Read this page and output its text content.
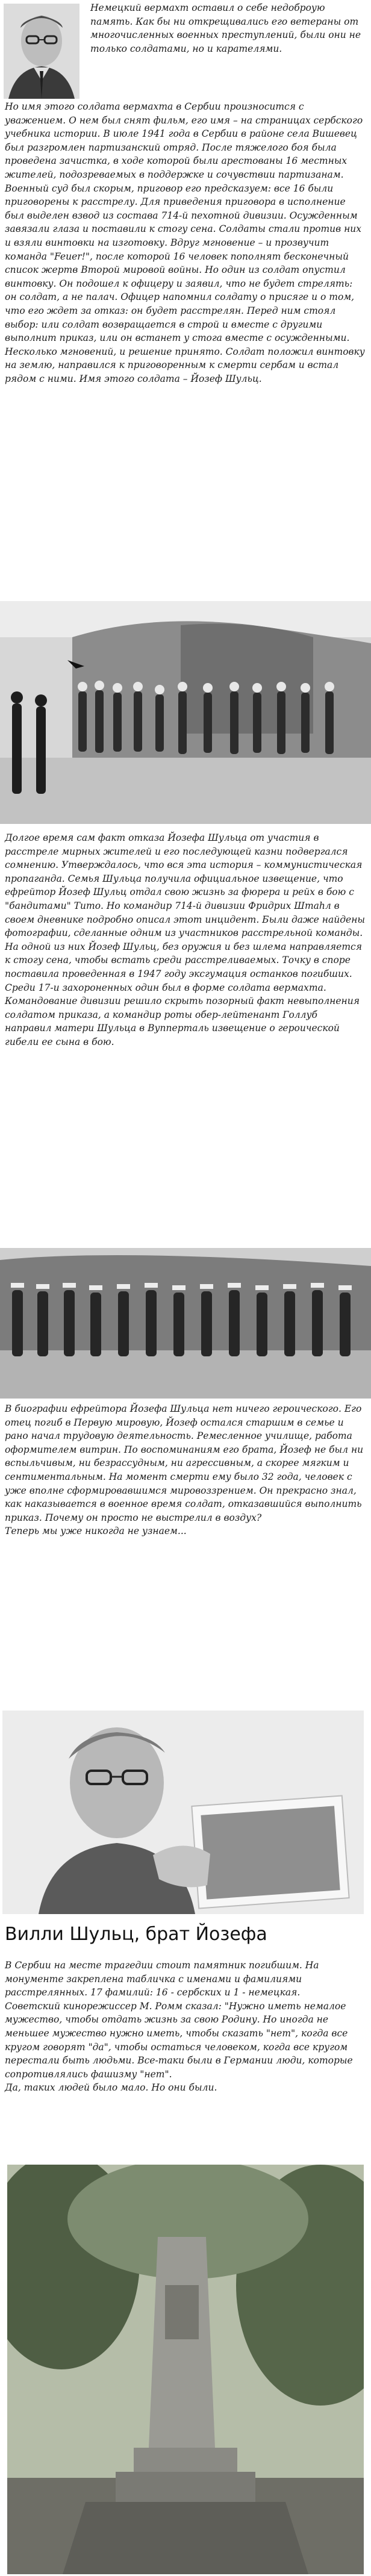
Немецкий вермахт оставил о себе недоброую память. Как бы ни открещивались его ветераны от многочисленных военных преступлений, были они не только солдатами, но и карателями.

Но имя этого солдата вермахта в Сербии произносится с уважением. О нем был снят фильм, его имя – на страницах сербского учебника истории. В июле 1941 года в Сербии в районе села Вишевец был разгромлен партизанский отряд. После тяжелого боя была проведена зачистка, в ходе которой были арестованы 16 местных жителей, подозреваемых в поддержке и сочувствии партизанам. Военный суд был скорым, приговор его предсказуем: все 16 были приговорены к расстрелу. Для приведения приговора в исполнение был выделен взвод из состава 714-й пехотной дивизии. Осужденным завязали глаза и поставили к стогу сена. Солдаты стали против них и взяли винтовки на изготовку. Вдруг мгновение – и прозвучит команда "Feuer!", после которой 16 человек пополнят бесконечный список жертв Второй мировой войны. Но один из солдат опустил винтовку. Он подошел к офицеру и заявил, что не будет стрелять: он солдат, а не палач. Офицер напомнил солдату о присяге и о том, что его ждет за отказ: он будет расстрелян. Перед ним стоял выбор: или солдат возвращается в строй и вместе с другими выполнит приказ, или он встанет у стога вместе с осужденными. Несколько мгновений, и решение принято. Солдат положил винтовку на землю, направился к приговоренным к смерти сербам и встал рядом с ними. Имя этого солдата – Йозеф Шульц.

Долгое время сам факт отказа Йозефа Шульца от участия в расстреле мирных жителей и его последующей казни подвергался сомнению. Утверждалось, что вся эта история – коммунистическая пропаганда. Семья Шульца получила официальное извещение, что ефрейтор Йозеф Шульц отдал свою жизнь за фюрера и рейх в бою с "бандитами" Тито. Но командир 714-й дивизии Фридрих Штаhл в своем дневнике подробно описал этот инцидент. Были даже найдены фотографии, сделанные одним из участников расстрельной команды. На одной из них Йозеф Шульц, без оружия и без шлема направляется к стогу сена, чтобы встать среди расстреливаемых. Точку в споре поставила проведенная в 1947 году эксгумация останков погибших. Среди 17-и захороненных один был в форме солдата вермахта. Командование дивизии решило скрыть позорный факт невыполнения солдатом приказа, а командир роты обер-лейтенант Голлуб направил матери Шульца в Вупперталь извещение о героической гибели ее сына в бою.

В биографии ефрейтора Йозефа Шульца нет ничего героического. Его отец погиб в Первую мировую, Йозеф остался старшим в семье и рано начал трудовую деятельность. Ремесленное училище, работа оформителем витрин. По воспоминаниям его брата, Йозеф не был ни вспыльчивым, ни безрассудным, ни агрессивным, а скорее мягким и сентиментальным. На момент смерти ему было 32 года, человек с уже вполне сформировавшимся мировоззрением. Он прекрасно знал, как наказывается в военное время солдат, отказавшийся выполнить приказ. Почему он просто не выстрелил в воздух?
Теперь мы уже никогда не узнаем...

Вилли Шульц, брат Йозефа

В Сербии на месте трагедии стоит памятник погибшим. На монументе закреплена табличка с именами и фамилиями расстрелянных. 17 фамилий: 16 - сербских и 1 - немецкая.
Советский кинорежиссер М. Ромм сказал: "Нужно иметь немалое мужество, чтобы отдать жизнь за свою Родину. Но иногда не меньшее мужество нужно иметь, чтобы сказать "нет", когда все кругом говорят "да", чтобы остаться человеком, когда все кругом перестали быть людьми. Все-таки были в Германии люди, которые сопротивлялись фашизму "нет".
Да, таких людей было мало. Но они были.
